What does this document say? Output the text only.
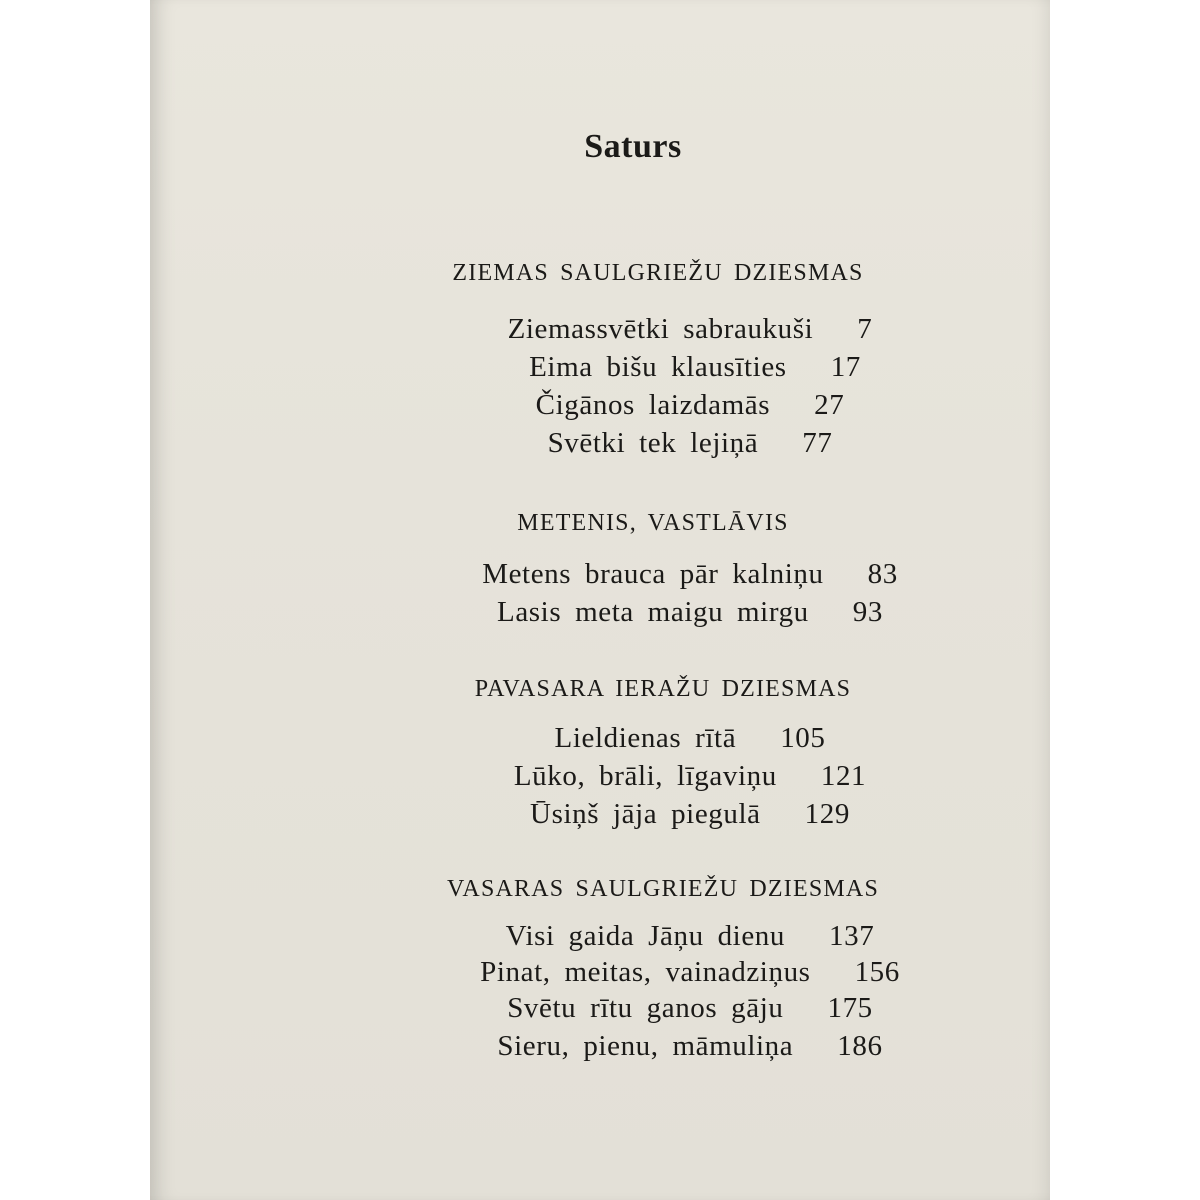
Saturs
ZIEMAS SAULGRIEŽU DZIESMAS
Ziemassvētki sabraukuši 7
Eima bišu klausīties 17
Čigānos laizdamās 27
Svētki tek lejiņā 77
METENIS, VASTLĀVIS
Metens brauca pār kalniņu 83
Lasis meta maigu mirgu 93
PAVASARA IERAŽU DZIESMAS
Lieldienas rītā 105
Lūko, brāli, līgaviņu 121
Ūsiņš jāja piegulā 129
VASARAS SAULGRIEŽU DZIESMAS
Visi gaida Jāņu dienu 137
Pinat, meitas, vainadziņus 156
Svētu rītu ganos gāju 175
Sieru, pienu, māmuliņa 186
